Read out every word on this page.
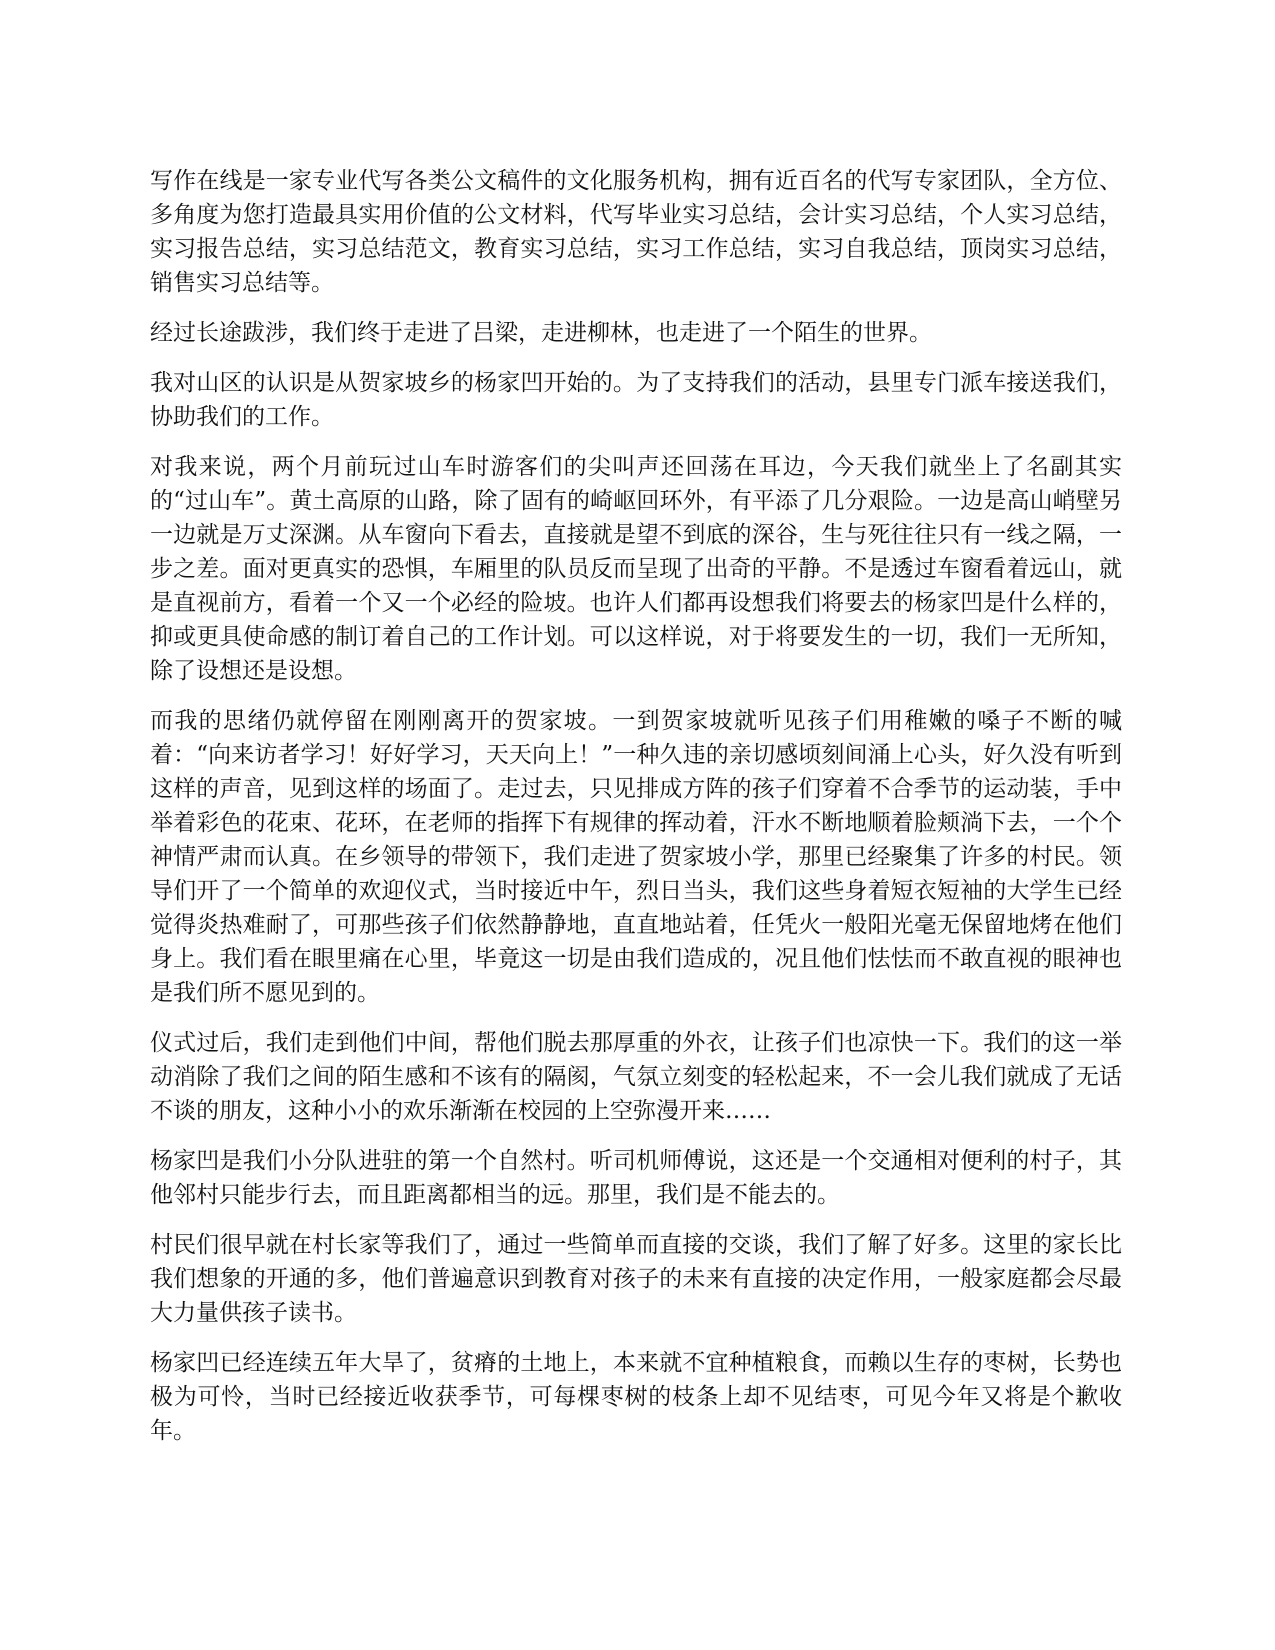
写作在线是一家专业代写各类公文稿件的文化服务机构，拥有近百名的代写专家团队，全方位、多角度为您打造最具实用价值的公文材料，代写毕业实习总结，会计实习总结，个人实习总结，实习报告总结，实习总结范文，教育实习总结，实习工作总结，实习自我总结，顶岗实习总结，销售实习总结等。

经过长途跋涉，我们终于走进了吕梁，走进柳林，也走进了一个陌生的世界。

我对山区的认识是从贺家坡乡的杨家凹开始的。为了支持我们的活动，县里专门派车接送我们，协助我们的工作。

对我来说，两个月前玩过山车时游客们的尖叫声还回荡在耳边，今天我们就坐上了名副其实的“过山车”。黄土高原的山路，除了固有的崎岖回环外，有平添了几分艰险。一边是高山峭壁另一边就是万丈深渊。从车窗向下看去，直接就是望不到底的深谷，生与死往往只有一线之隔，一步之差。面对更真实的恐惧，车厢里的队员反而呈现了出奇的平静。不是透过车窗看着远山，就是直视前方，看着一个又一个必经的险坡。也许人们都再设想我们将要去的杨家凹是什么样的，抑或更具使命感的制订着自己的工作计划。可以这样说，对于将要发生的一切，我们一无所知，除了设想还是设想。

而我的思绪仍就停留在刚刚离开的贺家坡。一到贺家坡就听见孩子们用稚嫩的嗓子不断的喊着：“向来访者学习！好好学习，天天向上！”一种久违的亲切感顷刻间涌上心头，好久没有听到这样的声音，见到这样的场面了。走过去，只见排成方阵的孩子们穿着不合季节的运动装，手中举着彩色的花束、花环，在老师的指挥下有规律的挥动着，汗水不断地顺着脸颊淌下去，一个个神情严肃而认真。在乡领导的带领下，我们走进了贺家坡小学，那里已经聚集了许多的村民。领导们开了一个简单的欢迎仪式，当时接近中午，烈日当头，我们这些身着短衣短袖的大学生已经觉得炎热难耐了，可那些孩子们依然静静地，直直地站着，任凭火一般阳光毫无保留地烤在他们身上。我们看在眼里痛在心里，毕竟这一切是由我们造成的，况且他们怯怯而不敢直视的眼神也是我们所不愿见到的。

仪式过后，我们走到他们中间，帮他们脱去那厚重的外衣，让孩子们也凉快一下。我们的这一举动消除了我们之间的陌生感和不该有的隔阂，气氛立刻变的轻松起来，不一会儿我们就成了无话不谈的朋友，这种小小的欢乐渐渐在校园的上空弥漫开来……

杨家凹是我们小分队进驻的第一个自然村。听司机师傅说，这还是一个交通相对便利的村子，其他邻村只能步行去，而且距离都相当的远。那里，我们是不能去的。

村民们很早就在村长家等我们了，通过一些简单而直接的交谈，我们了解了好多。这里的家长比我们想象的开通的多，他们普遍意识到教育对孩子的未来有直接的决定作用，一般家庭都会尽最大力量供孩子读书。

杨家凹已经连续五年大旱了，贫瘠的土地上，本来就不宜种植粮食，而赖以生存的枣树，长势也极为可怜，当时已经接近收获季节，可每棵枣树的枝条上却不见结枣，可见今年又将是个歉收年。
